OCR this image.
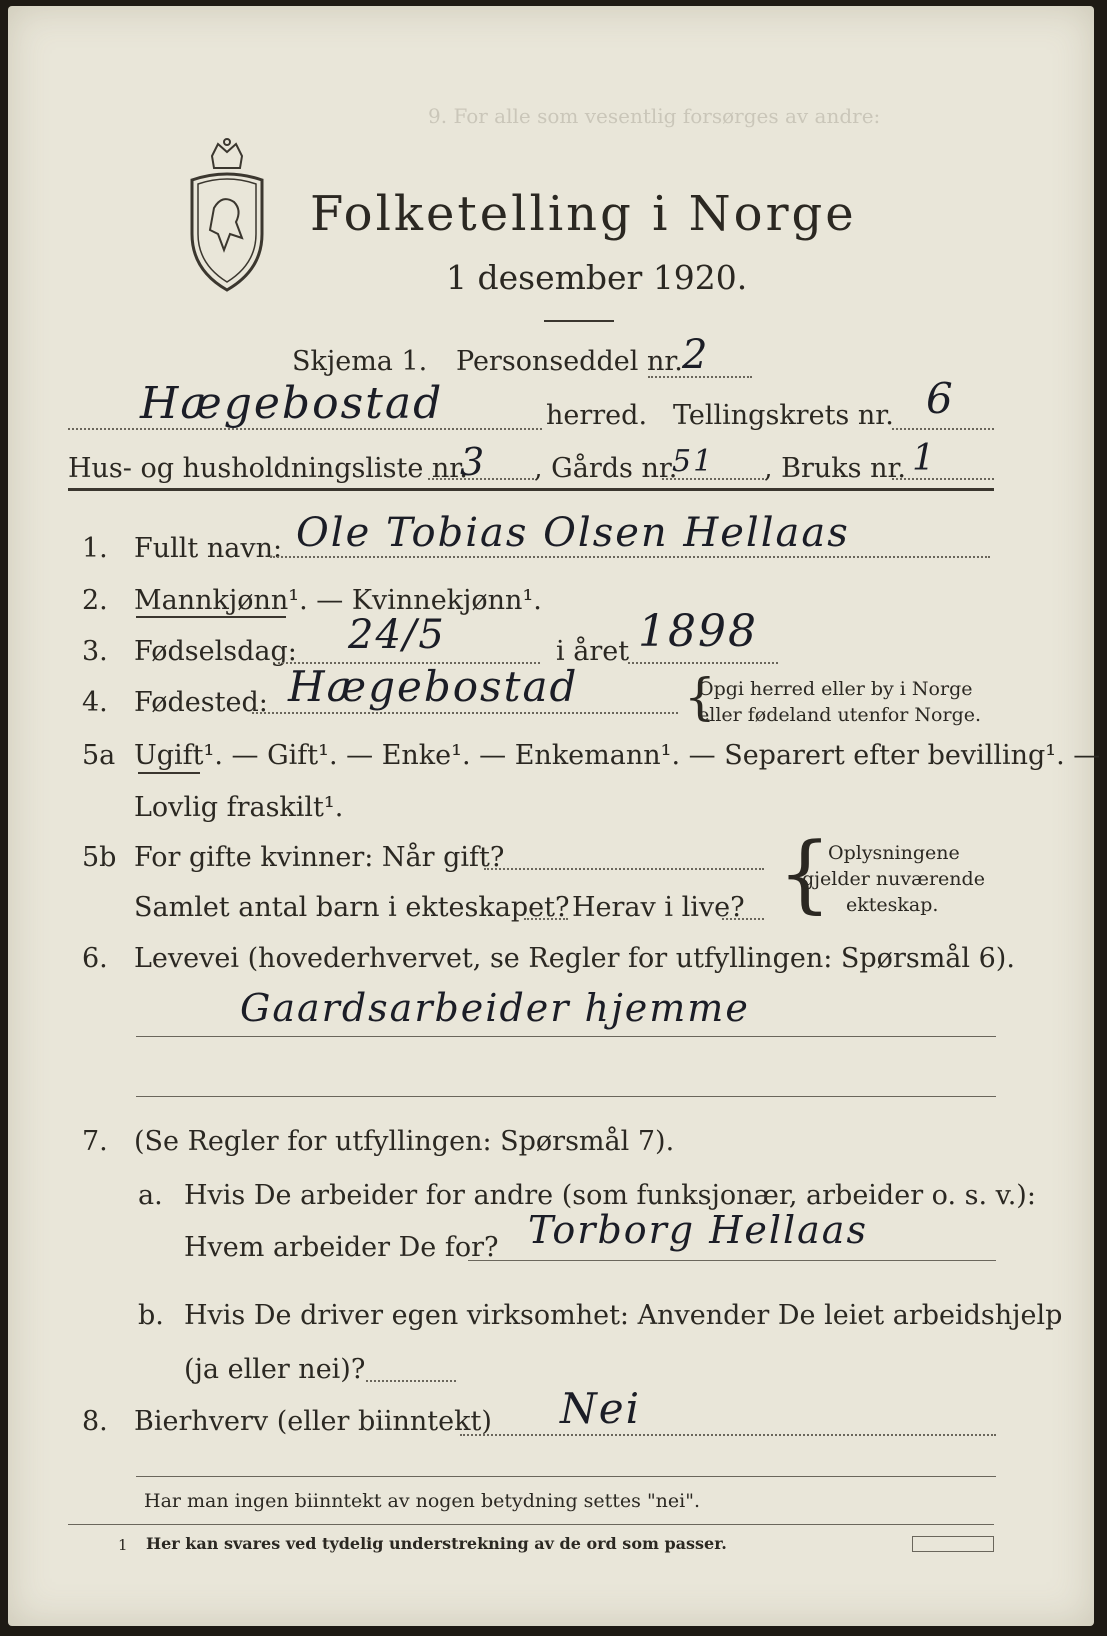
9. For alle som vesentlig forsørges av andre:
Folketelling i Norge
1 desember 1920.
Skjema 1. Personseddel nr. 2
Hægebostad	herred. Tellingskrets nr. 6
Hus- og husholdningsliste nr.
3 , Gårds nr.
51 , Bruks nr. 1
1. Fullt navn: Ole Tobias Olsen Hellaas
2. Mannkjønn¹. — Kvinnekjønn¹.
3. Fødselsdag: 24/5	i året 1898
4. Fødested: Hægebostad {
Opgi herred eller by i Norge
eller fødeland utenfor Norge.
5a Ugift¹. — Gift¹. — Enke¹. — Enkemann¹. — Separert efter bevilling¹. —
Lovlig fraskilt¹.
5b For gifte kvinner: Når gift?
Samlet antal barn i ekteskapet? Herav i live? {
Oplysningene
gjelder nuværende
ekteskap.
6. Levevei (hovederhvervet, se Regler for utfyllingen: Spørsmål 6).
Gaardsarbeider hjemme
7. (Se Regler for utfyllingen: Spørsmål 7).
a. Hvis De arbeider for andre (som funksjonær, arbeider o. s. v.):
Hvem arbeider De for? Torborg Hellaas
b. Hvis De driver egen virksomhet: Anvender De leiet arbeidshjelp
(ja eller nei)?
8. Bierhverv (eller biinntekt) Nei
Har man ingen biinntekt av nogen betydning settes "nei".
1 Her kan svares ved tydelig understrekning av de ord som passer.
